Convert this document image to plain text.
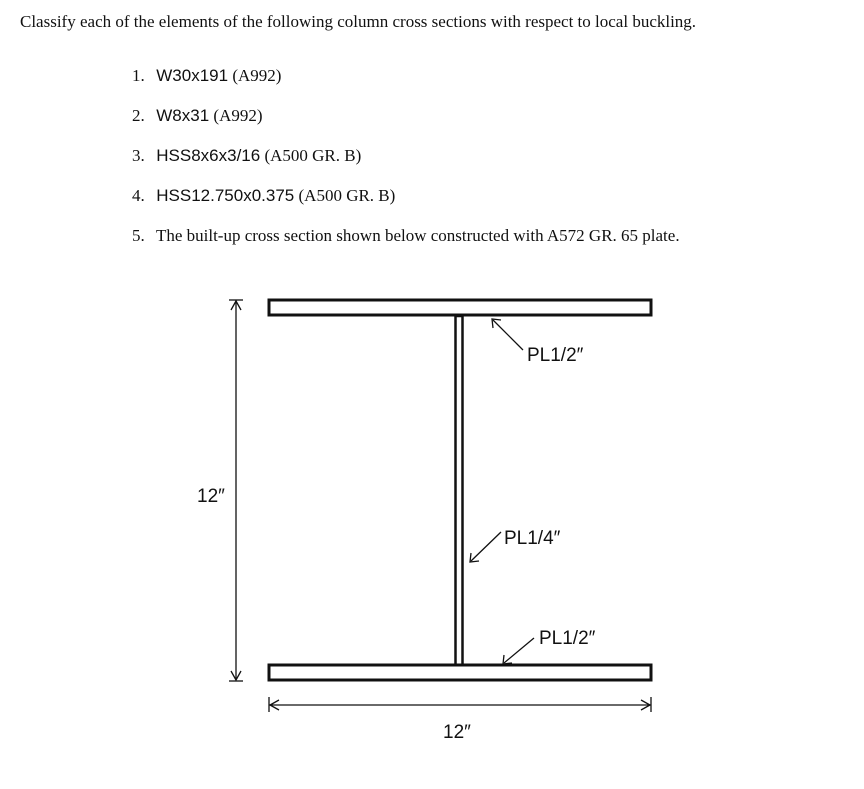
Classify each of the elements of the following column cross sections with respect to local buckling.
1. W30x191 (A992)
2. W8x31 (A992)
3. HSS8x6x3/16 (A500 GR. B)
4. HSS12.750x0.375 (A500 GR. B)
5. The built-up cross section shown below constructed with A572 GR. 65 plate.
12″
12″
PL1/2″
PL1/4″
PL1/2″
